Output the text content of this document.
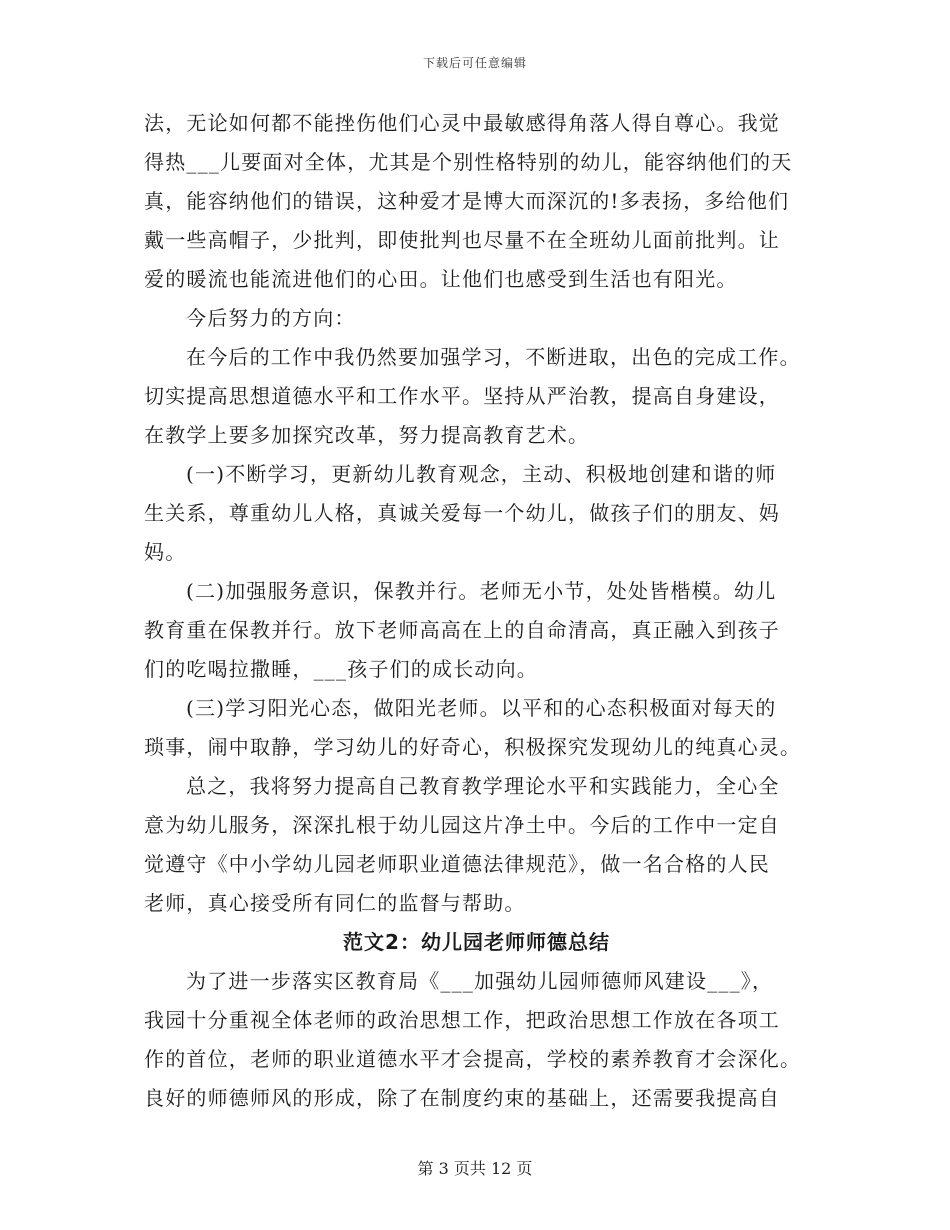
下载后可任意编辑
法，无论如何都不能挫伤他们心灵中最敏感得角落人得自尊心。我觉
得热___儿要面对全体，尤其是个别性格特别的幼儿，能容纳他们的天
真，能容纳他们的错误，这种爱才是博大而深沉的!多表扬，多给他们
戴一些高帽子，少批判，即使批判也尽量不在全班幼儿面前批判。让
爱的暖流也能流进他们的心田。让他们也感受到生活也有阳光。
今后努力的方向：
在今后的工作中我仍然要加强学习，不断进取，出色的完成工作。
切实提高思想道德水平和工作水平。坚持从严治教，提高自身建设，
在教学上要多加探究改革，努力提高教育艺术。
(一)不断学习，更新幼儿教育观念，主动、积极地创建和谐的师
生关系，尊重幼儿人格，真诚关爱每一个幼儿，做孩子们的朋友、妈
妈。
(二)加强服务意识，保教并行。老师无小节，处处皆楷模。幼儿
教育重在保教并行。放下老师高高在上的自命清高，真正融入到孩子
们的吃喝拉撒睡，___孩子们的成长动向。
(三)学习阳光心态，做阳光老师。以平和的心态积极面对每天的
琐事，闹中取静，学习幼儿的好奇心，积极探究发现幼儿的纯真心灵。
总之，我将努力提高自己教育教学理论水平和实践能力，全心全
意为幼儿服务，深深扎根于幼儿园这片净土中。今后的工作中一定自
觉遵守《中小学幼儿园老师职业道德法律规范》，做一名合格的人民
老师，真心接受所有同仁的监督与帮助。
范文2：幼儿园老师师德总结
为了进一步落实区教育局《___加强幼儿园师德师风建设___》，
我园十分重视全体老师的政治思想工作，把政治思想工作放在各项工
作的首位，老师的职业道德水平才会提高，学校的素养教育才会深化。
良好的师德师风的形成，除了在制度约束的基础上，还需要我提高自
第 3 页共 12 页
